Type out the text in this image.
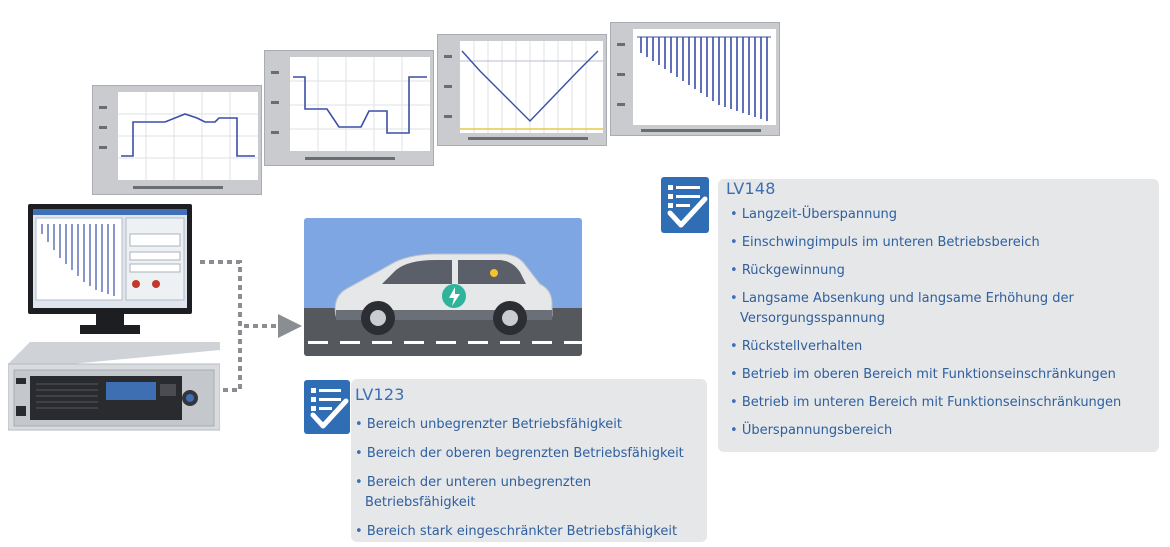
LV148
• Langzeit-Überspannung
• Einschwingimpuls im unteren Betriebsbereich
• Rückgewinnung
• Langsame Absenkung und langsame Erhöhung der Versorgungsspannung
• Rückstellverhalten
• Betrieb im oberen Bereich mit Funktionseinschränkungen
• Betrieb im unteren Bereich mit Funktionseinschränkungen
• Überspannungsbereich
LV123
• Bereich unbegrenzter Betriebsfähigkeit
• Bereich der oberen begrenzten Betriebsfähigkeit
• Bereich der unteren unbegrenzten Betriebsfähigkeit
• Bereich stark eingeschränkter Betriebsfähigkeit
